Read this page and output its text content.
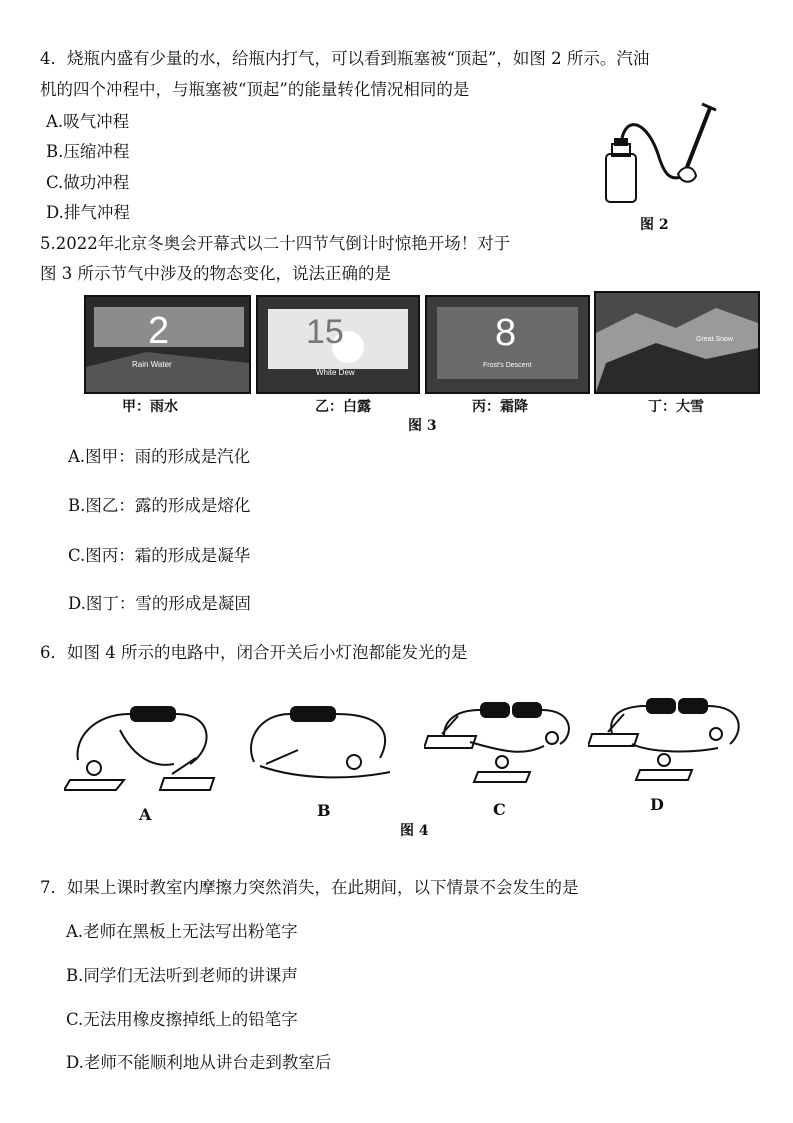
4．烧瓶内盛有少量的水，给瓶内打气，可以看到瓶塞被“顶起”，如图 2 所示。汽油
机的四个冲程中，与瓶塞被“顶起”的能量转化情况相同的是
A.吸气冲程
B.压缩冲程
C.做功冲程
D.排气冲程
图 2
5.2022年北京冬奥会开幕式以二十四节气倒计时惊艳开场！对于
图 3 所示节气中涉及的物态变化，说法正确的是
2
Rain Water
15
White Dew
8
Frost's Descent
Great Snow
甲：雨水	乙：白露	丙：霜降	丁：大雪
图 3
A.图甲：雨的形成是汽化
B.图乙：露的形成是熔化
C.图丙：霜的形成是凝华
D.图丁：雪的形成是凝固
6．如图 4 所示的电路中，闭合开关后小灯泡都能发光的是
A	B	C	D
图 4
7．如果上课时教室内摩擦力突然消失，在此期间，以下情景不会发生的是
A.老师在黑板上无法写出粉笔字
B.同学们无法听到老师的讲课声
C.无法用橡皮擦掉纸上的铅笔字
D.老师不能顺利地从讲台走到教室后
